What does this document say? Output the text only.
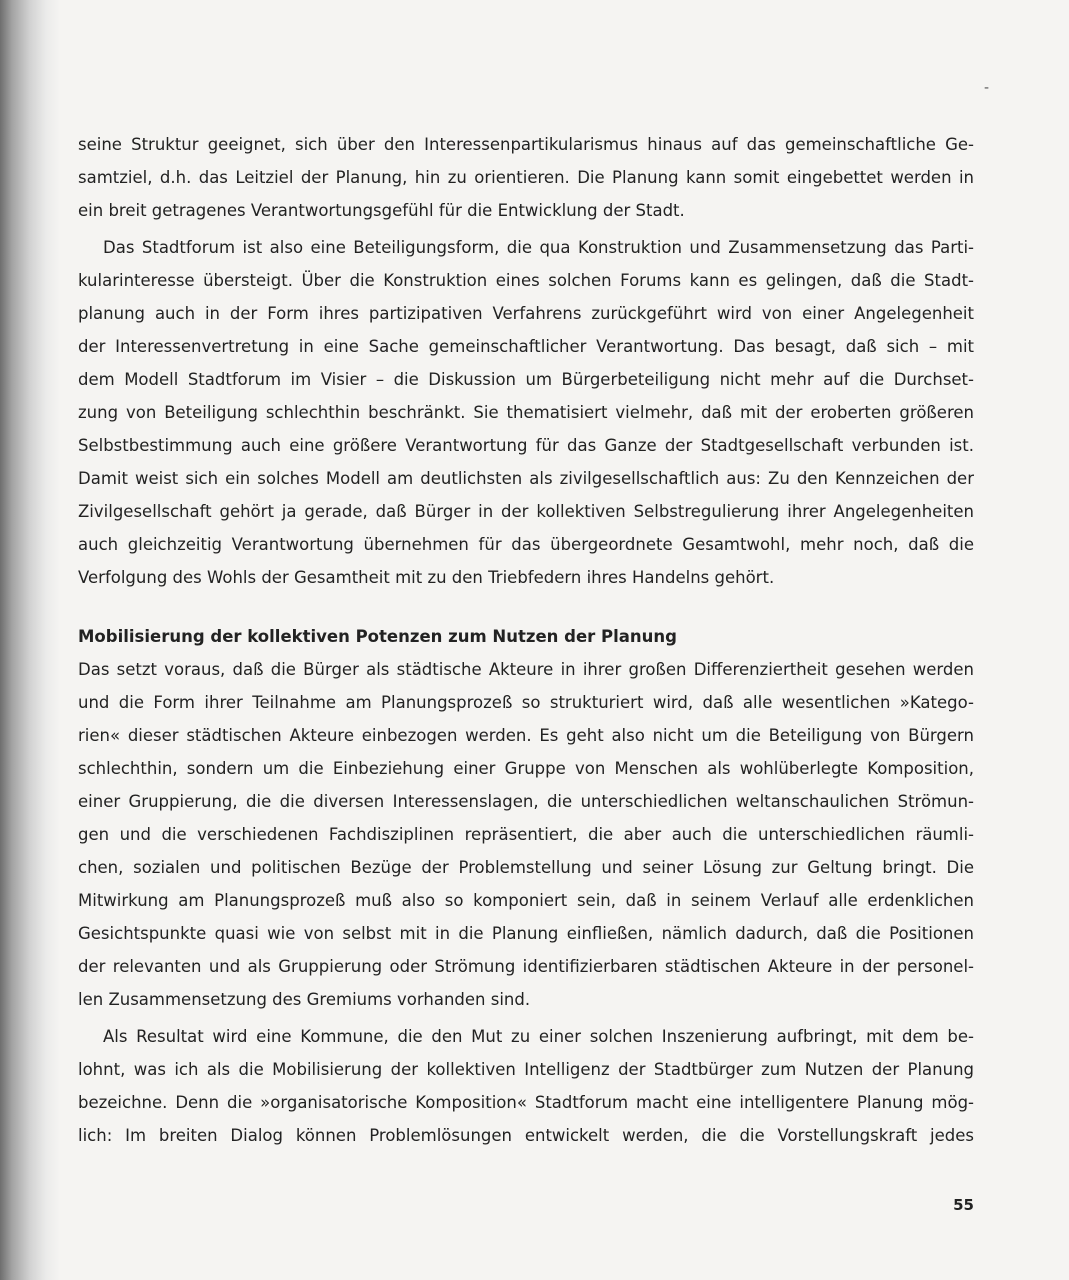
-
seine Struktur geeignet, sich über den Interessenpartikularismus hinaus auf das gemeinschaftliche Ge-
samtziel, d.h. das Leitziel der Planung, hin zu orientieren. Die Planung kann somit eingebettet werden in
ein breit getragenes Verantwortungsgefühl für die Entwicklung der Stadt.
Das Stadtforum ist also eine Beteiligungsform, die qua Konstruktion und Zusammensetzung das Parti-
kularinteresse übersteigt. Über die Konstruktion eines solchen Forums kann es gelingen, daß die Stadt-
planung auch in der Form ihres partizipativen Verfahrens zurückgeführt wird von einer Angelegenheit
der Interessenvertretung in eine Sache gemeinschaftlicher Verantwortung. Das besagt, daß sich – mit
dem Modell Stadtforum im Visier – die Diskussion um Bürgerbeteiligung nicht mehr auf die Durchset-
zung von Beteiligung schlechthin beschränkt. Sie thematisiert vielmehr, daß mit der eroberten größeren
Selbstbestimmung auch eine größere Verantwortung für das Ganze der Stadtgesellschaft verbunden ist.
Damit weist sich ein solches Modell am deutlichsten als zivilgesellschaftlich aus: Zu den Kennzeichen der
Zivilgesellschaft gehört ja gerade, daß Bürger in der kollektiven Selbstregulierung ihrer Angelegenheiten
auch gleichzeitig Verantwortung übernehmen für das übergeordnete Gesamtwohl, mehr noch, daß die
Verfolgung des Wohls der Gesamtheit mit zu den Triebfedern ihres Handelns gehört.
Mobilisierung der kollektiven Potenzen zum Nutzen der Planung
Das setzt voraus, daß die Bürger als städtische Akteure in ihrer großen Differenziertheit gesehen werden
und die Form ihrer Teilnahme am Planungsprozeß so strukturiert wird, daß alle wesentlichen »Katego-
rien« dieser städtischen Akteure einbezogen werden. Es geht also nicht um die Beteiligung von Bürgern
schlechthin, sondern um die Einbeziehung einer Gruppe von Menschen als wohlüberlegte Komposition,
einer Gruppierung, die die diversen Interessenslagen, die unterschiedlichen weltanschaulichen Strömun-
gen und die verschiedenen Fachdisziplinen repräsentiert, die aber auch die unterschiedlichen räumli-
chen, sozialen und politischen Bezüge der Problemstellung und seiner Lösung zur Geltung bringt. Die
Mitwirkung am Planungsprozeß muß also so komponiert sein, daß in seinem Verlauf alle erdenklichen
Gesichtspunkte quasi wie von selbst mit in die Planung einfließen, nämlich dadurch, daß die Positionen
der relevanten und als Gruppierung oder Strömung identifizierbaren städtischen Akteure in der personel-
len Zusammensetzung des Gremiums vorhanden sind.
Als Resultat wird eine Kommune, die den Mut zu einer solchen Inszenierung aufbringt, mit dem be-
lohnt, was ich als die Mobilisierung der kollektiven Intelligenz der Stadtbürger zum Nutzen der Planung
bezeichne. Denn die »organisatorische Komposition« Stadtforum macht eine intelligentere Planung mög-
lich: Im breiten Dialog können Problemlösungen entwickelt werden, die die Vorstellungskraft jedes
55
